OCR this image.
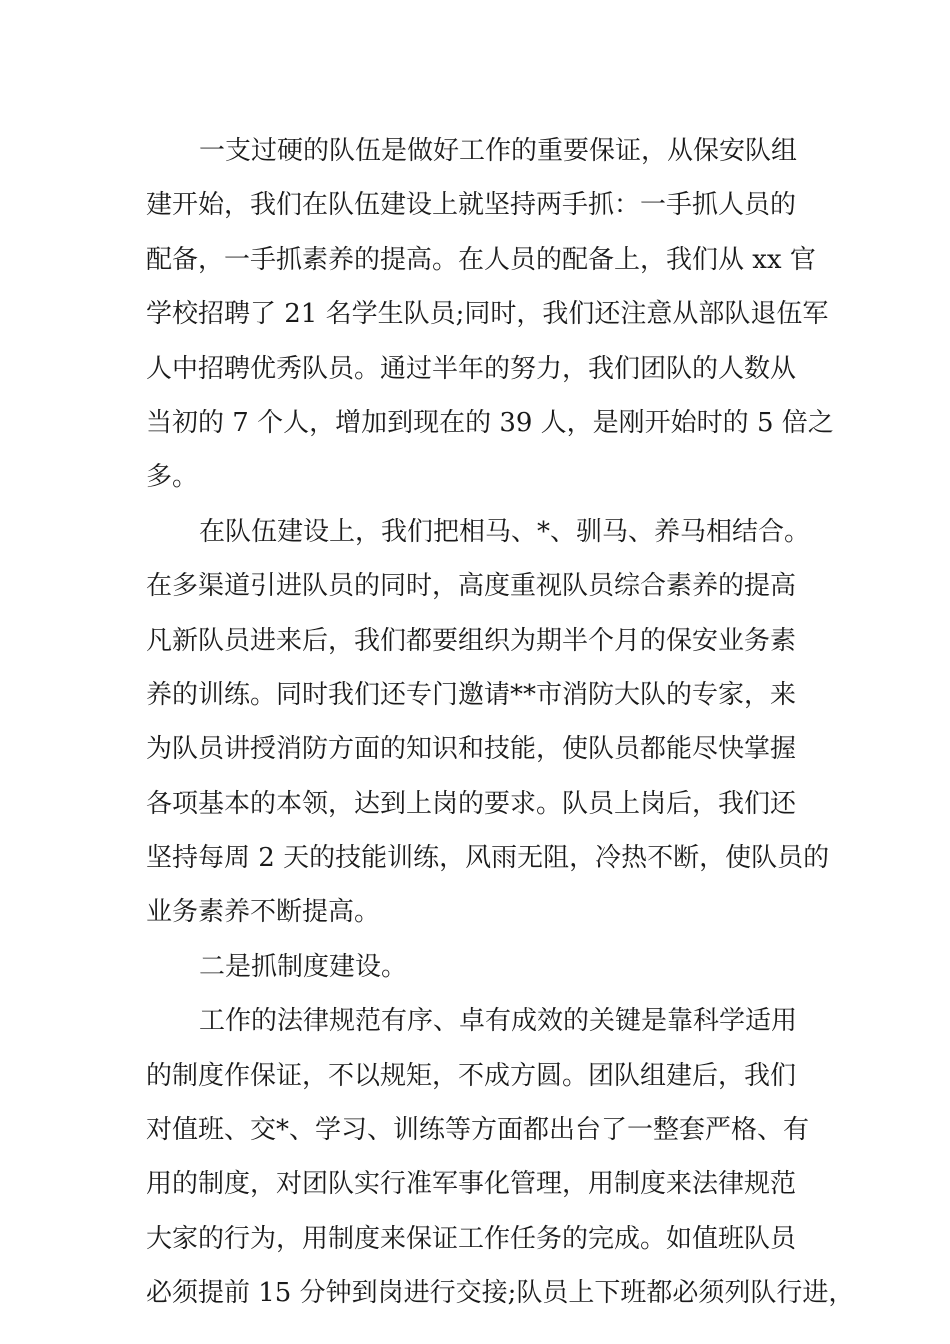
一支过硬的队伍是做好工作的重要保证，从保安队组
建开始，我们在队伍建设上就坚持两手抓：一手抓人员的
配备，一手抓素养的提高。在人员的配备上，我们从 xx 官
学校招聘了 21 名学生队员;同时，我们还注意从部队退伍军
人中招聘优秀队员。通过半年的努力，我们团队的人数从
当初的 7 个人，增加到现在的 39 人，是刚开始时的 5 倍之
多。
在队伍建设上，我们把相马、*、驯马、养马相结合。
在多渠道引进队员的同时，高度重视队员综合素养的提高
凡新队员进来后，我们都要组织为期半个月的保安业务素
养的训练。同时我们还专门邀请**市消防大队的专家，来
为队员讲授消防方面的知识和技能，使队员都能尽快掌握
各项基本的本领，达到上岗的要求。队员上岗后，我们还
坚持每周 2 天的技能训练，风雨无阻，冷热不断，使队员的
业务素养不断提高。
二是抓制度建设。
工作的法律规范有序、卓有成效的关键是靠科学适用
的制度作保证，不以规矩，不成方圆。团队组建后，我们
对值班、交*、学习、训练等方面都出台了一整套严格、有
用的制度，对团队实行准军事化管理，用制度来法律规范
大家的行为，用制度来保证工作任务的完成。如值班队员
必须提前 15 分钟到岗进行交接;队员上下班都必须列队行进，
